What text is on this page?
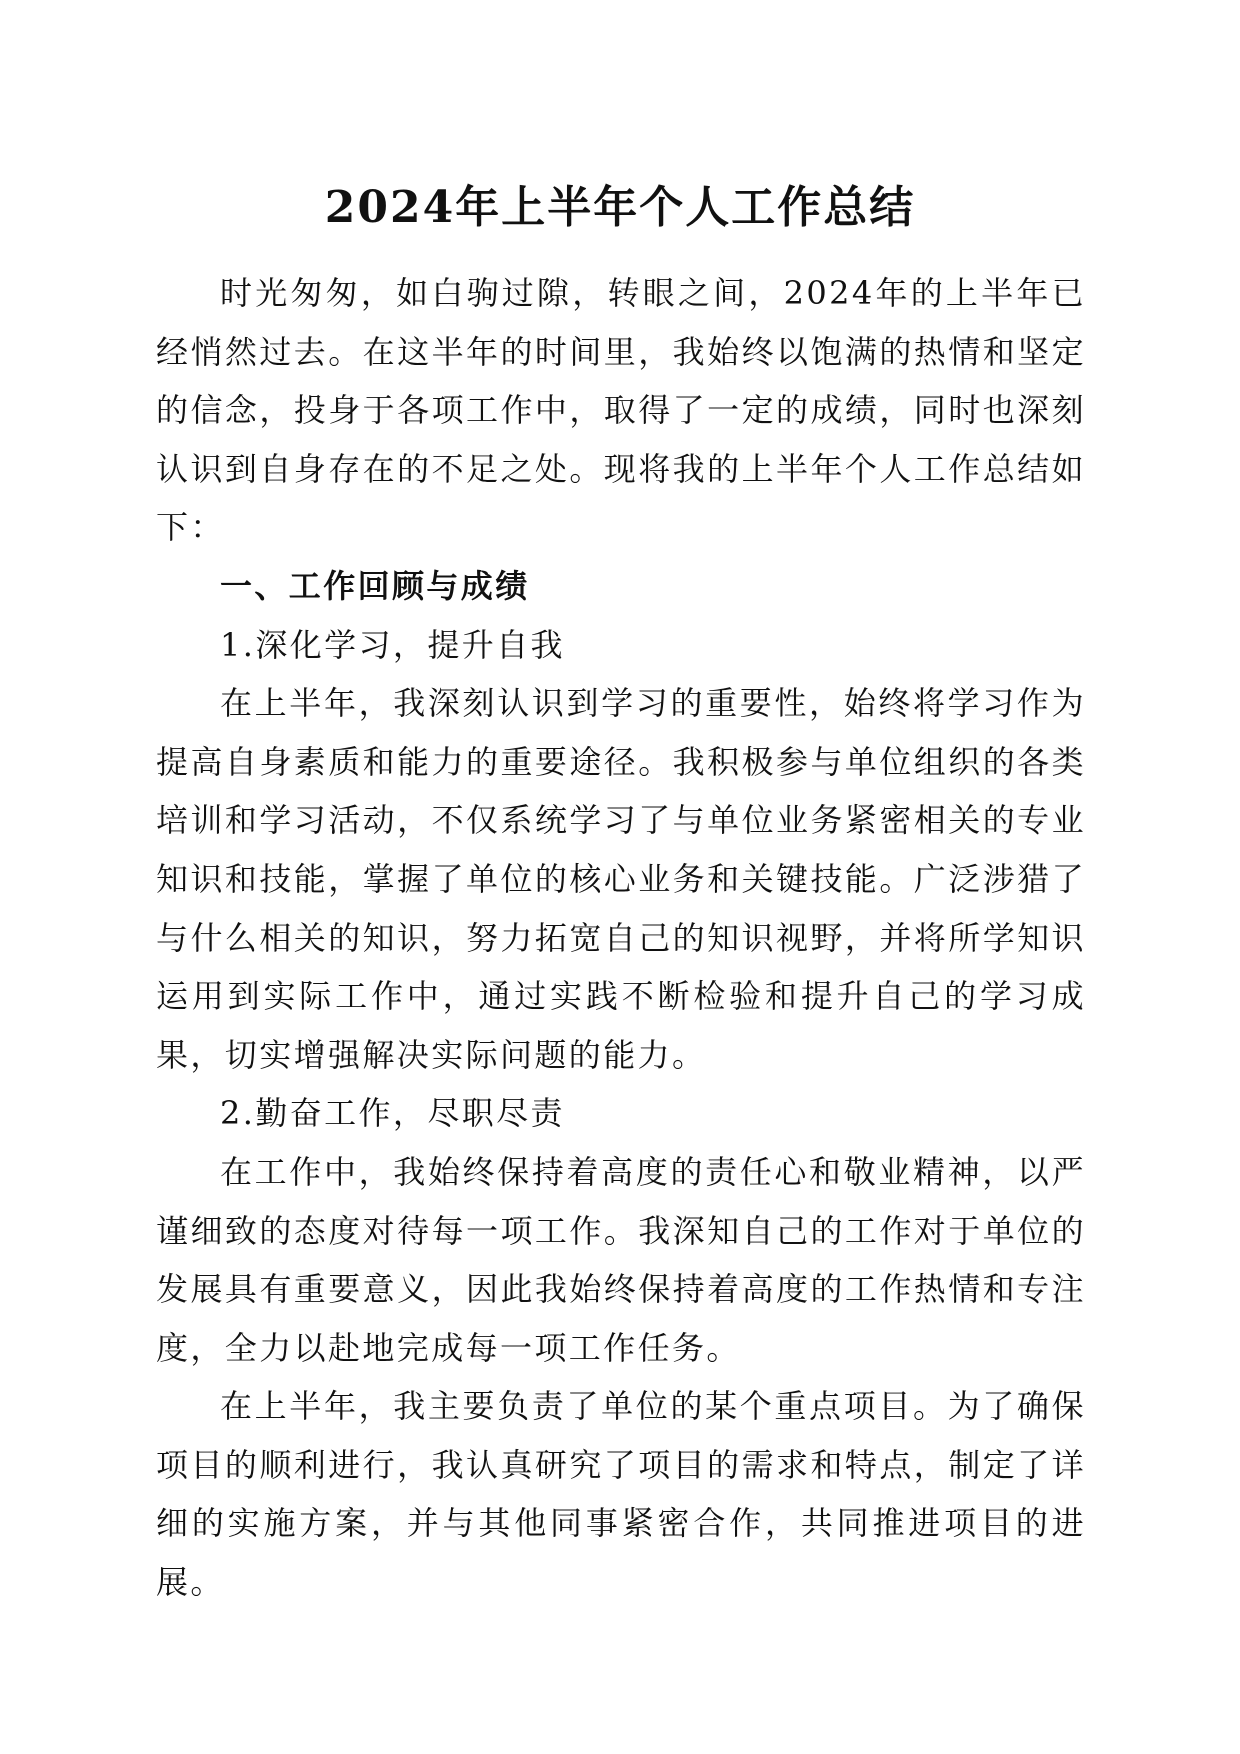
2024年上半年个人工作总结

时光匆匆，如白驹过隙，转眼之间，2024年的上半年已经悄然过去。在这半年的时间里，我始终以饱满的热情和坚定的信念，投身于各项工作中，取得了一定的成绩，同时也深刻认识到自身存在的不足之处。现将我的上半年个人工作总结如下：

一、工作回顾与成绩

1.深化学习，提升自我

在上半年，我深刻认识到学习的重要性，始终将学习作为提高自身素质和能力的重要途径。我积极参与单位组织的各类培训和学习活动，不仅系统学习了与单位业务紧密相关的专业知识和技能，掌握了单位的核心业务和关键技能。广泛涉猎了与什么相关的知识，努力拓宽自己的知识视野，并将所学知识运用到实际工作中，通过实践不断检验和提升自己的学习成果，切实增强解决实际问题的能力。

2.勤奋工作，尽职尽责

在工作中，我始终保持着高度的责任心和敬业精神，以严谨细致的态度对待每一项工作。我深知自己的工作对于单位的发展具有重要意义，因此我始终保持着高度的工作热情和专注度，全力以赴地完成每一项工作任务。

在上半年，我主要负责了单位的某个重点项目。为了确保项目的顺利进行，我认真研究了项目的需求和特点，制定了详细的实施方案，并与其他同事紧密合作，共同推进项目的进展。
